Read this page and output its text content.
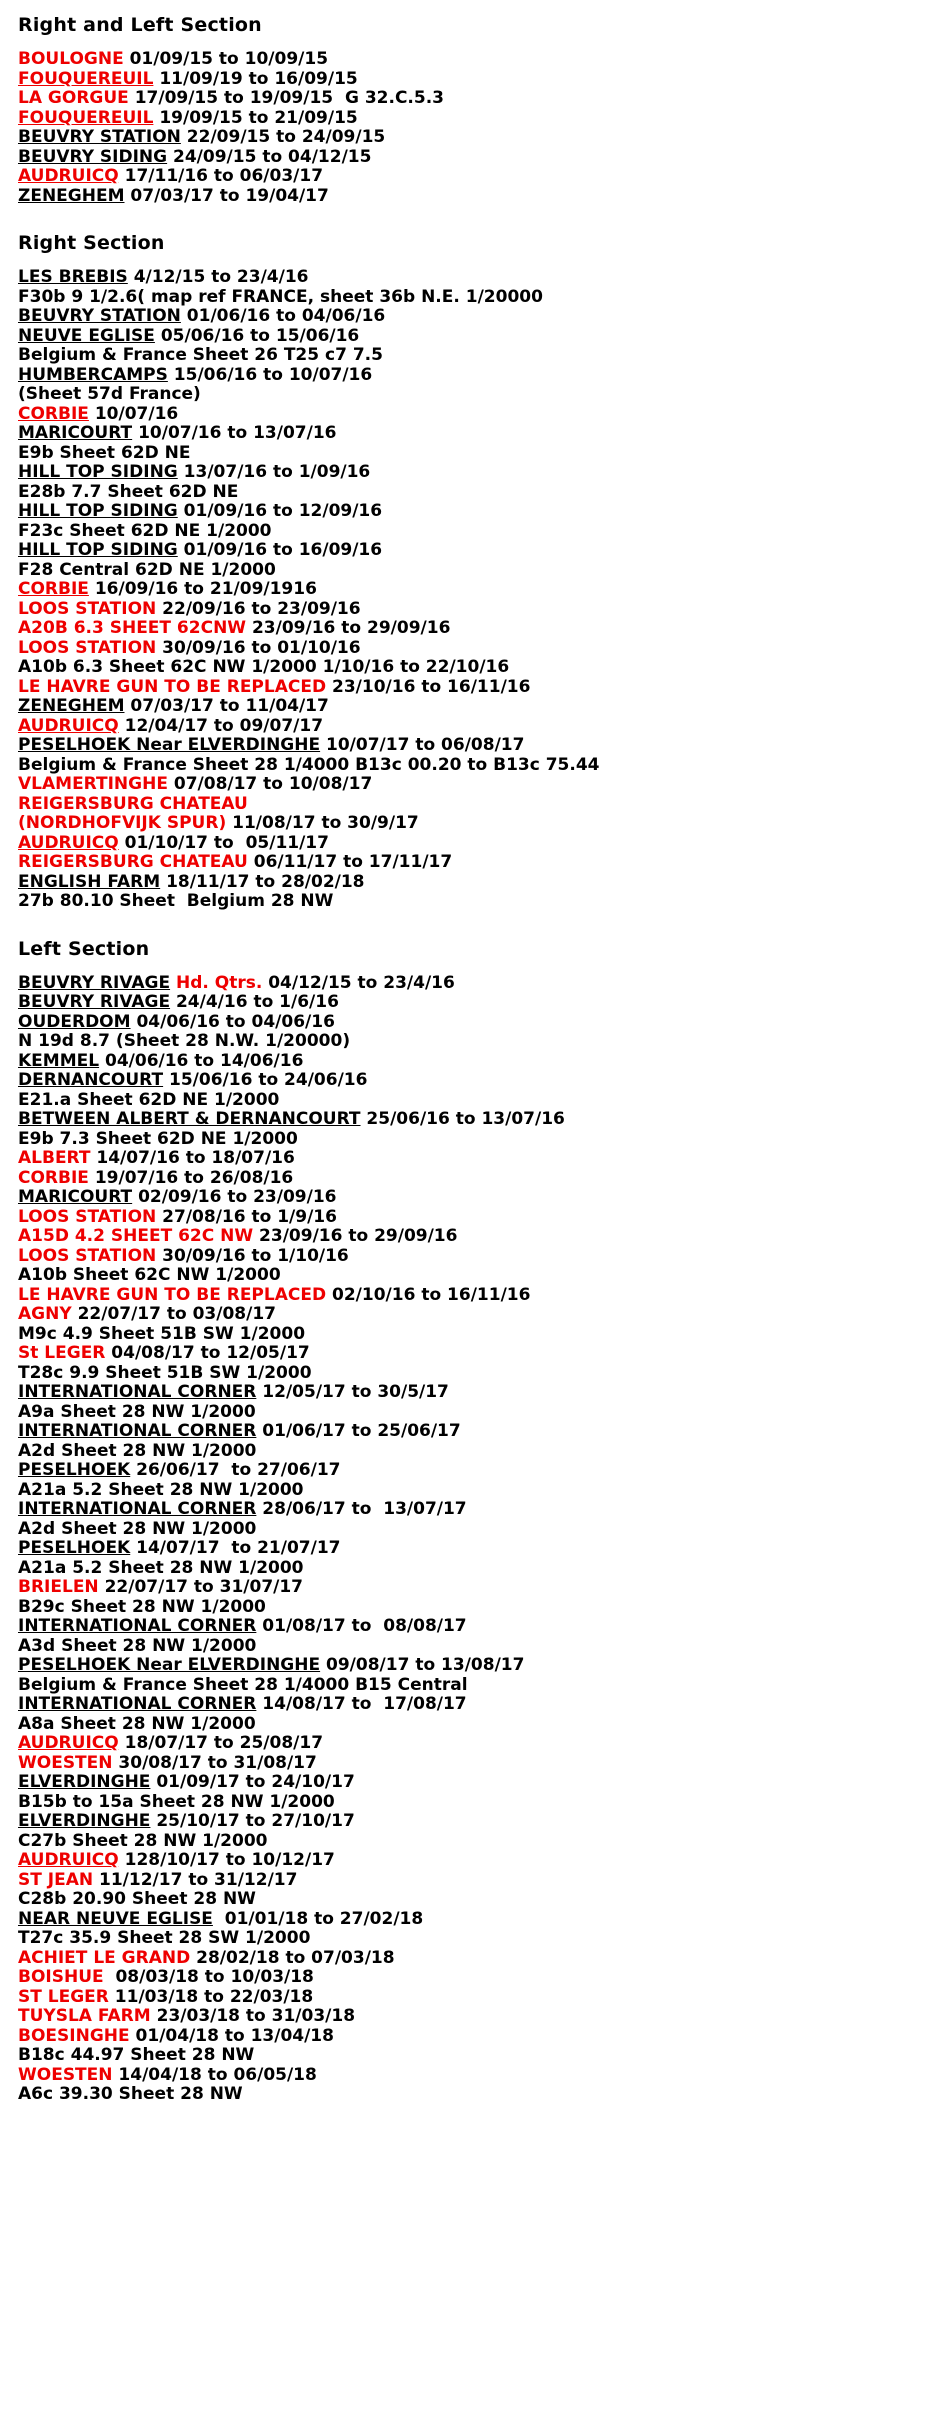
Right and Left Section
BOULOGNE 01/09/15 to 10/09/15
FOUQUEREUIL 11/09/19 to 16/09/15
LA GORGUE 17/09/15 to 19/09/15  G 32.C.5.3
FOUQUEREUIL 19/09/15 to 21/09/15
BEUVRY STATION 22/09/15 to 24/09/15
BEUVRY SIDING 24/09/15 to 04/12/15
AUDRUICQ 17/11/16 to 06/03/17
ZENEGHEM 07/03/17 to 19/04/17
Right Section
LES BREBIS 4/12/15 to 23/4/16
F30b 9 1/2.6( map ref FRANCE, sheet 36b N.E. 1/20000
BEUVRY STATION 01/06/16 to 04/06/16
NEUVE EGLISE 05/06/16 to 15/06/16
Belgium & France Sheet 26 T25 c7 7.5
HUMBERCAMPS 15/06/16 to 10/07/16
(Sheet 57d France)
CORBIE 10/07/16
MARICOURT 10/07/16 to 13/07/16
E9b Sheet 62D NE
HILL TOP SIDING 13/07/16 to 1/09/16
E28b 7.7 Sheet 62D NE
HILL TOP SIDING 01/09/16 to 12/09/16
F23c Sheet 62D NE 1/2000
HILL TOP SIDING 01/09/16 to 16/09/16
F28 Central 62D NE 1/2000
CORBIE 16/09/16 to 21/09/1916
LOOS STATION 22/09/16 to 23/09/16
A20B 6.3 SHEET 62CNW 23/09/16 to 29/09/16
LOOS STATION 30/09/16 to 01/10/16
A10b 6.3 Sheet 62C NW 1/2000 1/10/16 to 22/10/16
LE HAVRE GUN TO BE REPLACED 23/10/16 to 16/11/16
ZENEGHEM 07/03/17 to 11/04/17
AUDRUICQ 12/04/17 to 09/07/17
PESELHOEK Near ELVERDINGHE 10/07/17 to 06/08/17
Belgium & France Sheet 28 1/4000 B13c 00.20 to B13c 75.44
VLAMERTINGHE 07/08/17 to 10/08/17
REIGERSBURG CHATEAU
(NORDHOFVIJK SPUR) 11/08/17 to 30/9/17
AUDRUICQ 01/10/17 to  05/11/17
REIGERSBURG CHATEAU 06/11/17 to 17/11/17
ENGLISH FARM 18/11/17 to 28/02/18
27b 80.10 Sheet  Belgium 28 NW
Left Section
BEUVRY RIVAGE Hd. Qtrs. 04/12/15 to 23/4/16
BEUVRY RIVAGE 24/4/16 to 1/6/16
OUDERDOM 04/06/16 to 04/06/16
N 19d 8.7 (Sheet 28 N.W. 1/20000)
KEMMEL 04/06/16 to 14/06/16
DERNANCOURT 15/06/16 to 24/06/16
E21.a Sheet 62D NE 1/2000
BETWEEN ALBERT & DERNANCOURT 25/06/16 to 13/07/16
E9b 7.3 Sheet 62D NE 1/2000
ALBERT 14/07/16 to 18/07/16
CORBIE 19/07/16 to 26/08/16
MARICOURT 02/09/16 to 23/09/16
LOOS STATION 27/08/16 to 1/9/16
A15D 4.2 SHEET 62C NW 23/09/16 to 29/09/16
LOOS STATION 30/09/16 to 1/10/16
A10b Sheet 62C NW 1/2000
LE HAVRE GUN TO BE REPLACED 02/10/16 to 16/11/16
AGNY 22/07/17 to 03/08/17
M9c 4.9 Sheet 51B SW 1/2000
St LEGER 04/08/17 to 12/05/17
T28c 9.9 Sheet 51B SW 1/2000
INTERNATIONAL CORNER 12/05/17 to 30/5/17
A9a Sheet 28 NW 1/2000
INTERNATIONAL CORNER 01/06/17 to 25/06/17
A2d Sheet 28 NW 1/2000
PESELHOEK 26/06/17  to 27/06/17
A21a 5.2 Sheet 28 NW 1/2000
INTERNATIONAL CORNER 28/06/17 to  13/07/17
A2d Sheet 28 NW 1/2000
PESELHOEK 14/07/17  to 21/07/17
A21a 5.2 Sheet 28 NW 1/2000
BRIELEN 22/07/17 to 31/07/17
B29c Sheet 28 NW 1/2000
INTERNATIONAL CORNER 01/08/17 to  08/08/17
A3d Sheet 28 NW 1/2000
PESELHOEK Near ELVERDINGHE 09/08/17 to 13/08/17
Belgium & France Sheet 28 1/4000 B15 Central
INTERNATIONAL CORNER 14/08/17 to  17/08/17
A8a Sheet 28 NW 1/2000
AUDRUICQ 18/07/17 to 25/08/17
WOESTEN 30/08/17 to 31/08/17
ELVERDINGHE 01/09/17 to 24/10/17
B15b to 15a Sheet 28 NW 1/2000
ELVERDINGHE 25/10/17 to 27/10/17
C27b Sheet 28 NW 1/2000
AUDRUICQ 128/10/17 to 10/12/17
ST JEAN 11/12/17 to 31/12/17
C28b 20.90 Sheet 28 NW
NEAR NEUVE EGLISE  01/01/18 to 27/02/18
T27c 35.9 Sheet 28 SW 1/2000
ACHIET LE GRAND 28/02/18 to 07/03/18
BOISHUE  08/03/18 to 10/03/18
ST LEGER 11/03/18 to 22/03/18
TUYSLA FARM 23/03/18 to 31/03/18
BOESINGHE 01/04/18 to 13/04/18
B18c 44.97 Sheet 28 NW
WOESTEN 14/04/18 to 06/05/18
A6c 39.30 Sheet 28 NW
